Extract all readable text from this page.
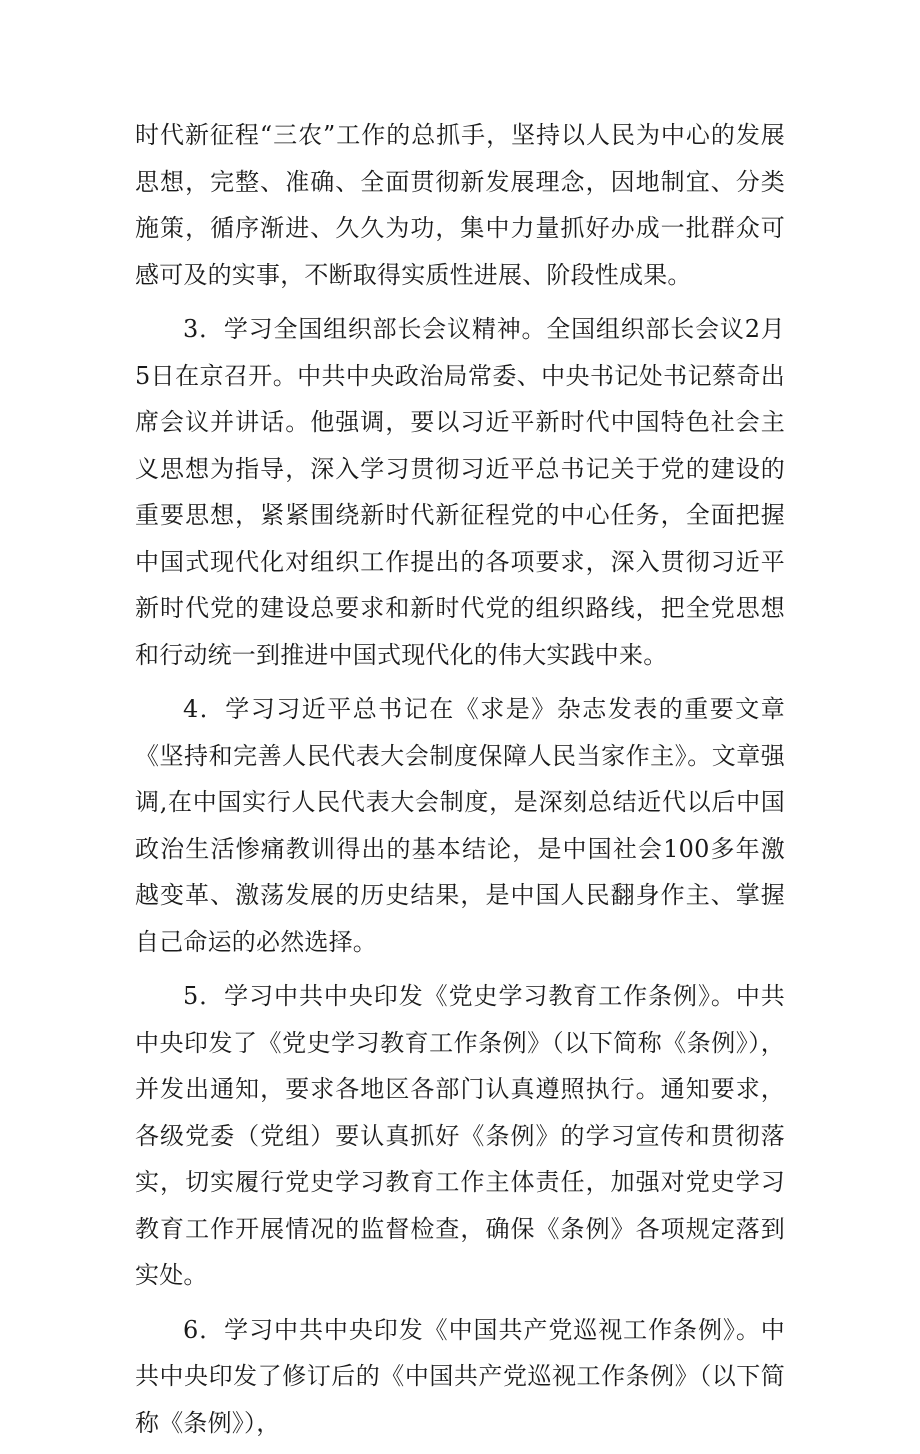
时代新征程“三农”工作的总抓手，坚持以人民为中心的发展思想，完整、准确、全面贯彻新发展理念，因地制宜、分类施策，循序渐进、久久为功，集中力量抓好办成一批群众可感可及的实事，不断取得实质性进展、阶段性成果。

3．学习全国组织部长会议精神。全国组织部长会议2月5日在京召开。中共中央政治局常委、中央书记处书记蔡奇出席会议并讲话。他强调，要以习近平新时代中国特色社会主义思想为指导，深入学习贯彻习近平总书记关于党的建设的重要思想，紧紧围绕新时代新征程党的中心任务，全面把握中国式现代化对组织工作提出的各项要求，深入贯彻习近平新时代党的建设总要求和新时代党的组织路线，把全党思想和行动统一到推进中国式现代化的伟大实践中来。

4．学习习近平总书记在《求是》杂志发表的重要文章《坚持和完善人民代表大会制度保障人民当家作主》。文章强调,在中国实行人民代表大会制度，是深刻总结近代以后中国政治生活惨痛教训得出的基本结论，是中国社会100多年激越变革、激荡发展的历史结果，是中国人民翻身作主、掌握自己命运的必然选择。

5．学习中共中央印发《党史学习教育工作条例》。中共中央印发了《党史学习教育工作条例》（以下简称《条例》），并发出通知，要求各地区各部门认真遵照执行。通知要求，各级党委（党组）要认真抓好《条例》的学习宣传和贯彻落实，切实履行党史学习教育工作主体责任，加强对党史学习教育工作开展情况的监督检查，确保《条例》各项规定落到实处。

6．学习中共中央印发《中国共产党巡视工作条例》。中共中央印发了修订后的《中国共产党巡视工作条例》（以下简称《条例》），
